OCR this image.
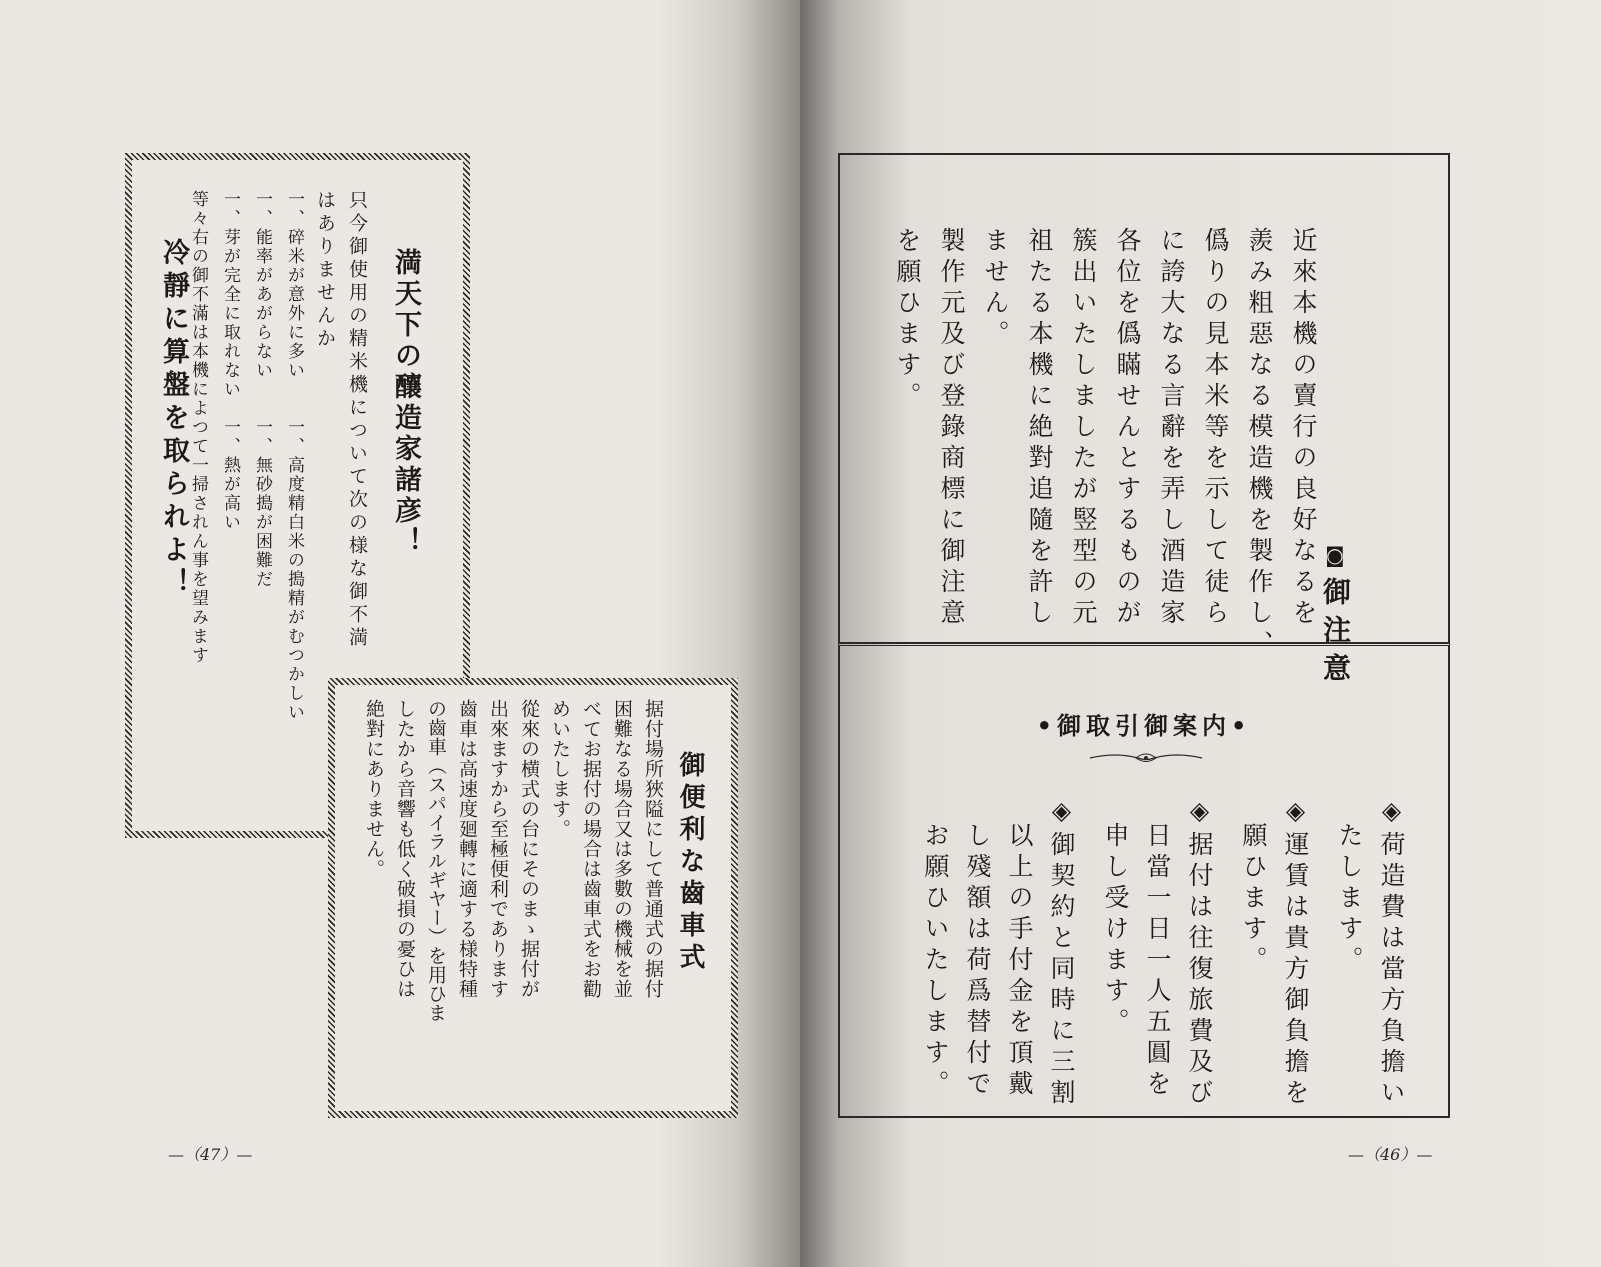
満天下の釀造家諸彦！

只今御使用の精米機について次の様な御不満

はありませんか

一、碎米が意外に多い　　一、高度精白米の搗精がむつかしい

一、能率があがらない　　一、無砂搗が困難だ

一、芽が完全に取れない　一、熱が高い

等々右の御不滿は本機によつて一掃されん事を望みます

冷靜に算盤を取られよ！

御便利な齒車式

据付場所狹隘にして普通式の据付

困難なる場合又は多數の機械を並

べてお据付の場合は齒車式をお勸

めいたします。

從來の横式の台にそのまゝ据付が

出來ますから至極便利であります

齒車は高速度廻轉に適する様特種

の齒車（スパイラルギヤー）を用ひま

したから音響も低く破損の憂ひは

絶對にありません。

—（47）—

◙御注意

近來本機の賣行の良好なるを

羨み粗惡なる模造機を製作し、

僞りの見本米等を示して徒ら

に誇大なる言辭を弄し酒造家

各位を僞瞞せんとするものが

簇出いたしましたが竪型の元

祖たる本機に絶對追隨を許し

ません。

製作元及び登錄商標に御注意

を願ひます。

•御取引御案内•

◈荷造費は當方負擔い

たします。

◈運賃は貴方御負擔を

願ひます。

◈据付は往復旅費及び

日當一日一人五圓を

申し受けます。

◈御契約と同時に三割

以上の手付金を頂戴

し殘額は荷爲替付で

お願ひいたします。

—（46）—
